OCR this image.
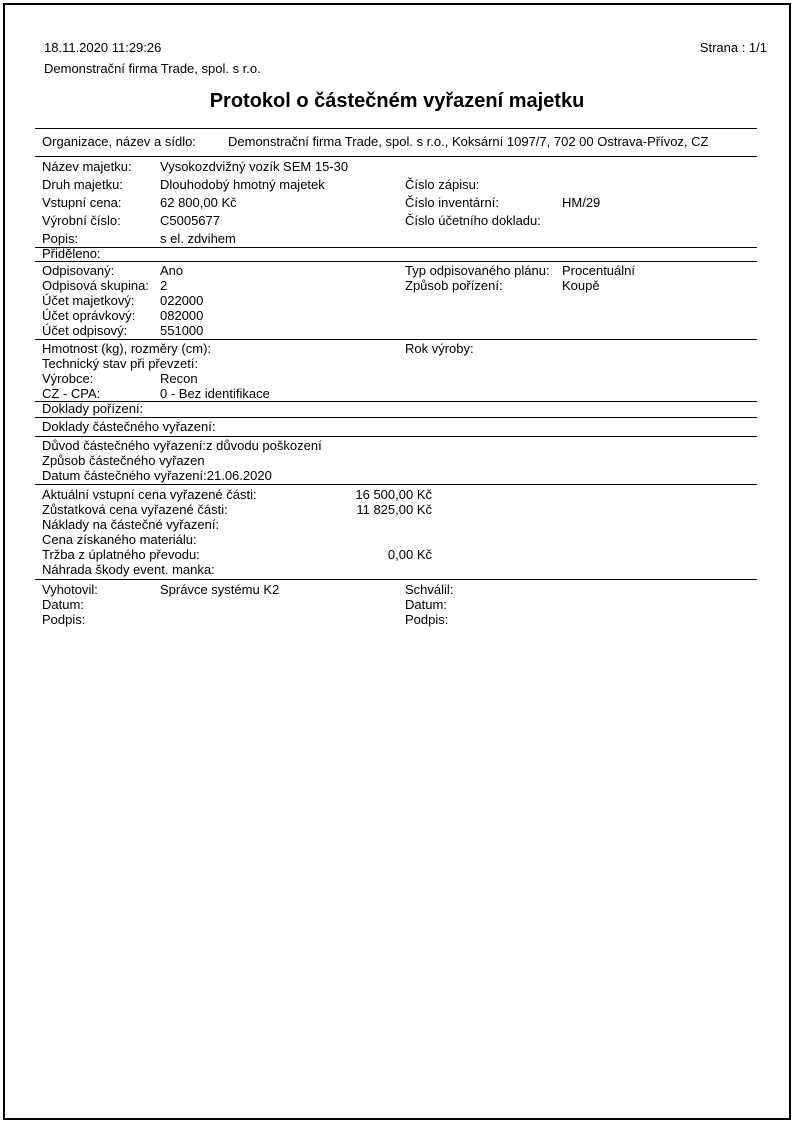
18.11.2020 11:29:26	Strana : 1/1
Demonstrační firma Trade, spol. s r.o.
Protokol o částečném vyřazení majetku
Organizace, název a sídlo: Demonstrační firma Trade, spol. s r.o., Koksární 1097/7, 702 00 Ostrava-Přívoz, CZ
Název majetku: Vysokozdvižný vozík SEM 15-30
Druh majetku:	Dlouhodobý hmotný majetek	Číslo zápisu:
Vstupní cena:	62 800,00 Kč	Číslo inventární:	HM/29
Výrobní číslo:	C5005677	Číslo účetního dokladu:
Popis:	s el. zdvihem
Přiděleno:
Odpisovaný:	Ano	Typ odpisovaného plánu: Procentuální
Odpisová skupina: 2	Způsob pořízení:	Koupě
Účet majetkový: 022000
Účet oprávkový: 082000
Účet odpisový:	551000
Hmotnost (kg), rozměry (cm):	Rok výroby:
Technický stav při převzetí:
Výrobce:	Recon
CZ - CPA:	0 - Bez identifikace
Doklady pořízení:
Doklady částečného vyřazení:
Důvod částečného vyřazení:z důvodu poškození
Způsob částečného vyřazen
Datum částečného vyřazení:21.06.2020
Aktuální vstupní cena vyřazené části:	16 500,00 Kč
Zůstatková cena vyřazené části:	11 825,00 Kč
Náklady na částečné vyřazení:
Cena získaného materiálu:
Tržba z úplatného převodu:	0,00 Kč
Náhrada škody event. manka:
Vyhotovil:	Správce systému K2	Schválil:
Datum:	Datum:
Podpis:	Podpis:
